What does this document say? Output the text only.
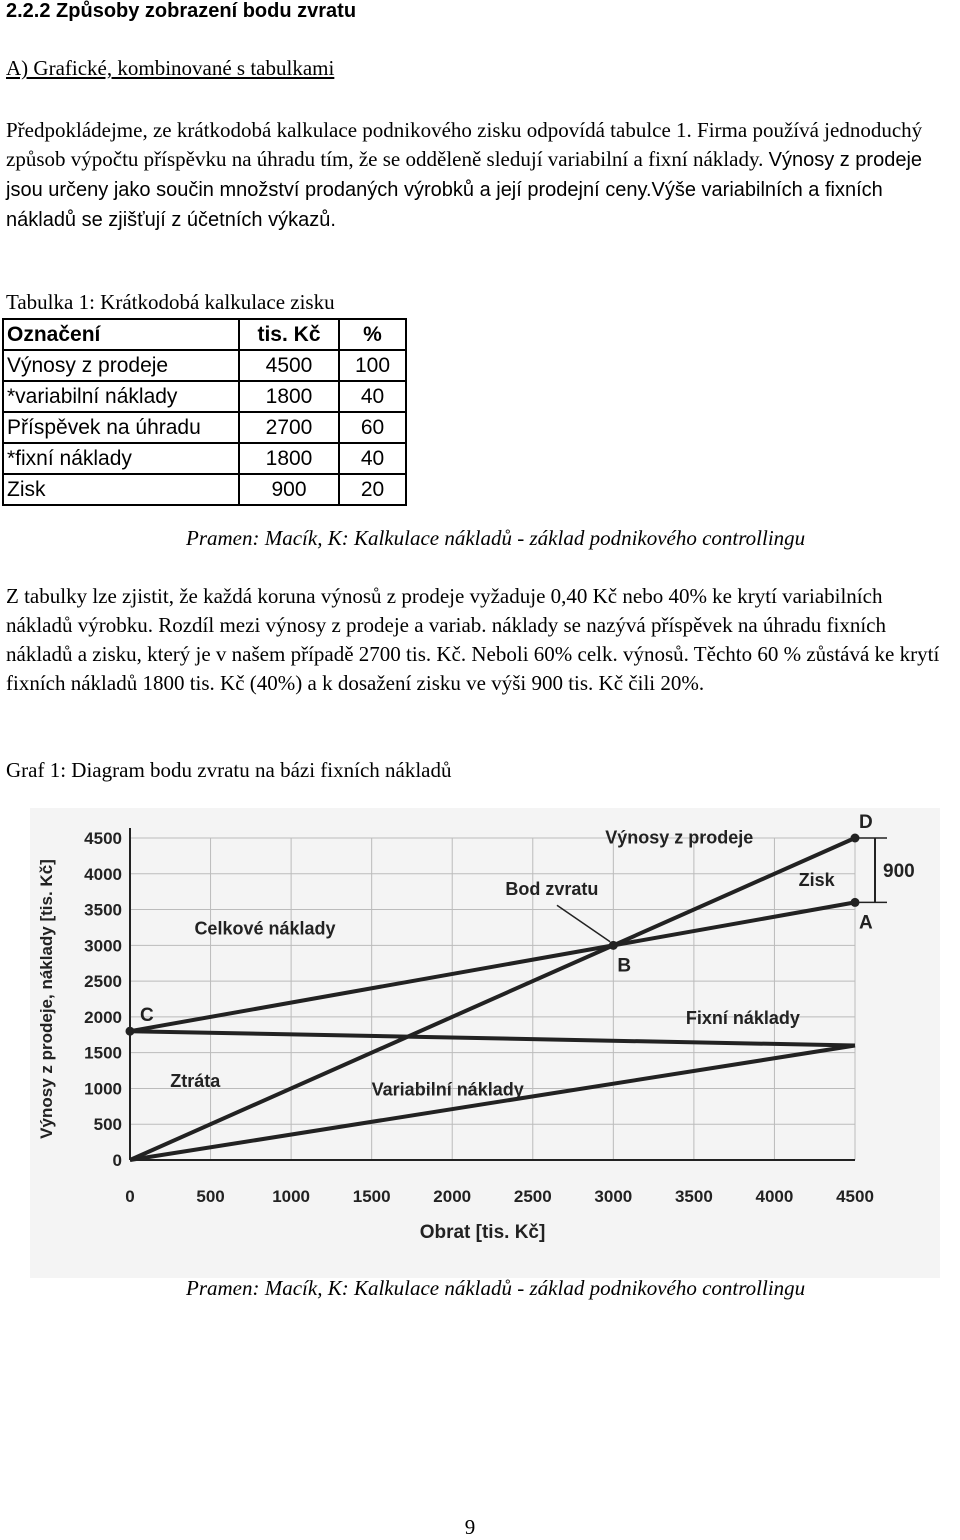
2.2.2 Způsoby zobrazení bodu zvratu
A) Grafické, kombinované s tabulkami
Předpokládejme, ze krátkodobá kalkulace podnikového zisku odpovídá tabulce 1. Firma používá jednoduchý způsob výpočtu příspěvku na úhradu tím, že se odděleně sledují variabilní a fixní náklady. Výnosy z prodeje jsou určeny jako součin množství prodaných výrobků a její prodejní ceny.Výše variabilních a fixních nákladů se zjišťují z účetních výkazů.
Tabulka 1: Krátkodobá kalkulace zisku
Označení	tis. Kč	%
Výnosy z prodeje	4500	100
*variabilní náklady	1800	40
Příspěvek na úhradu	2700	60
*fixní náklady	1800	40
Zisk	900	20
Pramen: Macík, K: Kalkulace nákladů - základ podnikového controllingu
Z tabulky lze zjistit, že každá koruna výnosů z prodeje vyžaduje 0,40 Kč nebo 40% ke krytí variabilních nákladů výrobku. Rozdíl mezi výnosy z prodeje a variab. náklady se nazývá příspěvek na úhradu fixních nákladů a zisku, který je v našem případě 2700 tis. Kč. Neboli 60% celk. výnosů. Těchto 60 % zůstává ke krytí fixních nákladů 1800 tis. Kč (40%) a k dosažení zisku ve výši 900 tis. Kč čili 20%.
Graf 1: Diagram bodu zvratu na bázi fixních nákladů
0
500
1000
1500
2000
2500
3000
3500
4000
4500
0	500	1000	1500	2000	2500	3000	3500	4000	4500
Výnosy z prodeje
Celkové náklady
Fixní náklady
Variabilní náklady
Bod zvratu	Zisk
Ztráta
A
B
C
D
900
Obrat [tis. Kč]
Výnosy z prodeje, náklady [tis. Kč]
Pramen: Macík, K: Kalkulace nákladů - základ podnikového controllingu
9
